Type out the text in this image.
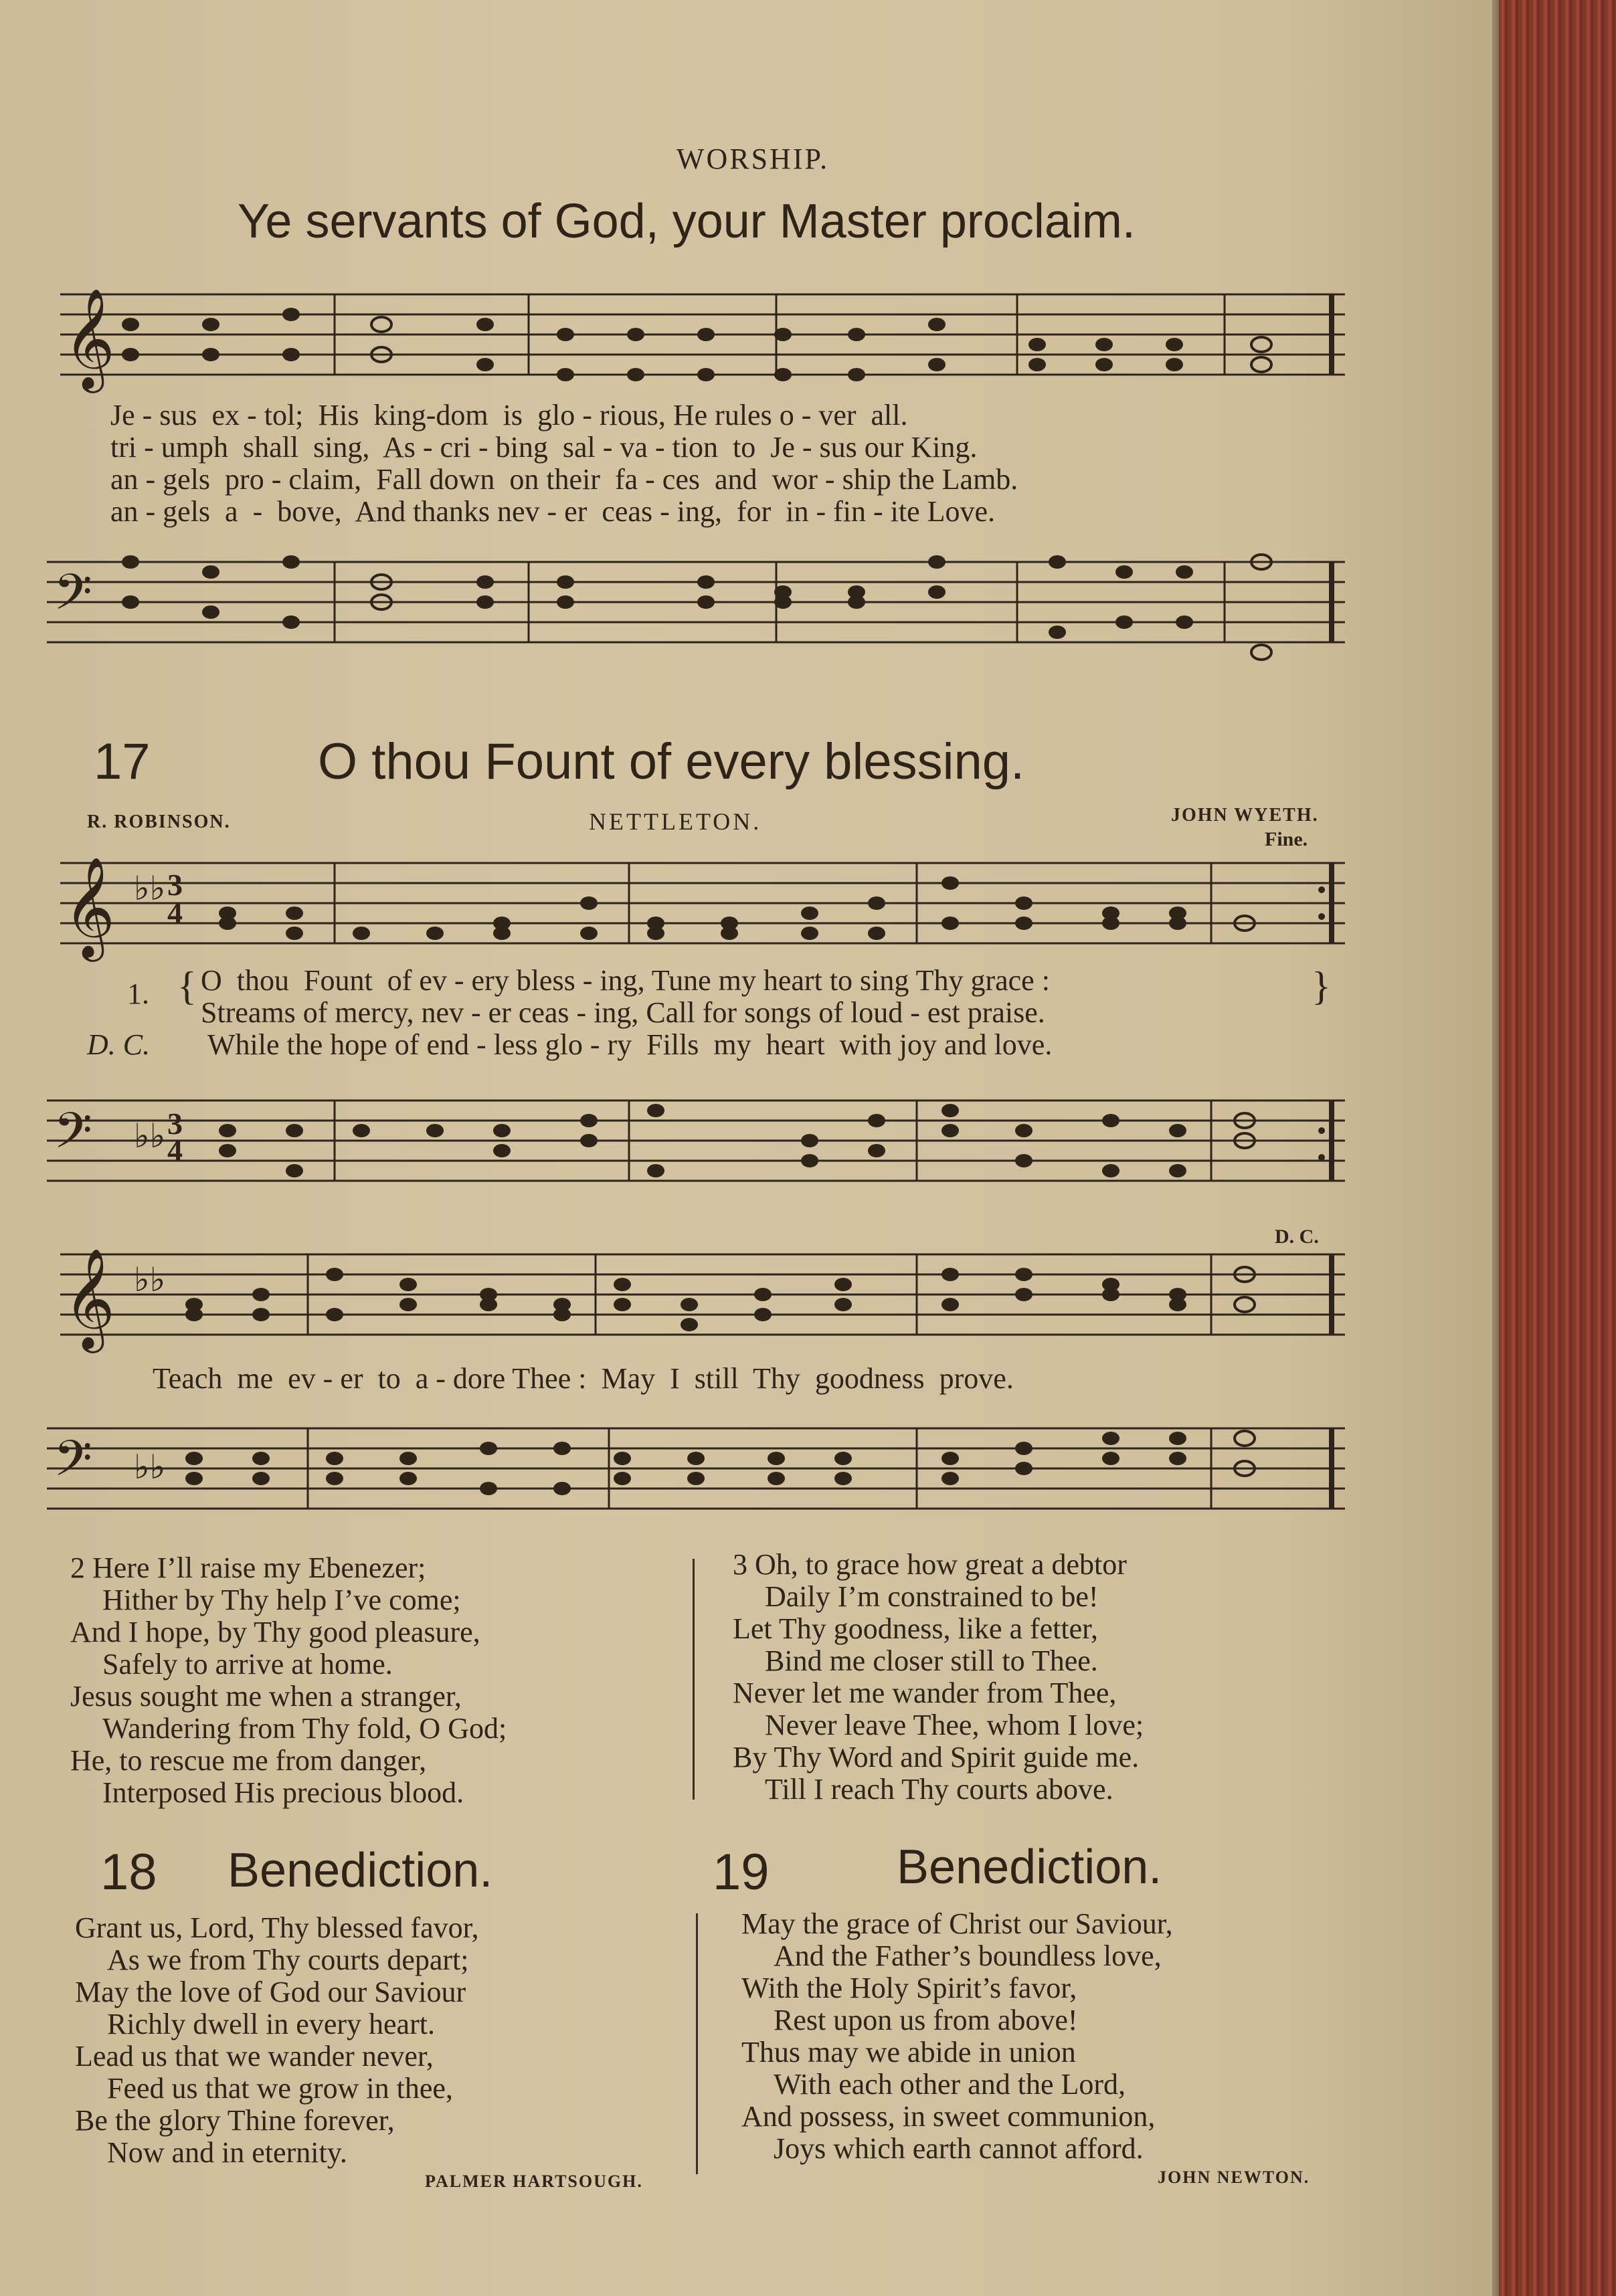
WORSHIP.
Ye servants of God, your Master proclaim.
𝄞
Je - sus  ex - tol;  His  king-dom  is  glo - rious, He rules o - ver  all.
tri - umph  shall  sing,  As - cri - bing  sal - va - tion  to  Je - sus our King.
an - gels  pro - claim,  Fall down  on their  fa - ces  and  wor - ship the Lamb.
an - gels  a  -  bove,  And thanks nev - er  ceas - ing,  for  in - fin - ite Love.
𝄢
17	O thou Fount of every blessing.
R. ROBINSON.	NETTLETON.	JOHN WYETH.
Fine.
𝄞 ♭♭ 3
4
1. { O  thou  Fount  of ev - ery bless - ing, Tune my heart to sing Thy grace :
Streams of mercy, nev - er ceas - ing, Call for songs of loud - est praise.
}
D. C. While the hope of end - less glo - ry  Fills  my  heart  with joy and love.
𝄢 ♭♭ 3
4
D. C.
𝄞 ♭♭
Teach  me  ev - er  to  a - dore Thee :  May  I  still  Thy  goodness  prove.
𝄢 ♭♭
2 Here I’ll raise my Ebenezer;
Hither by Thy help I’ve come;
And I hope, by Thy good pleasure,
Safely to arrive at home.
Jesus sought me when a stranger,
Wandering from Thy fold, O God;
He, to rescue me from danger,
Interposed His precious blood.
3 Oh, to grace how great a debtor
Daily I’m constrained to be!
Let Thy goodness, like a fetter,
Bind me closer still to Thee.
Never let me wander from Thee,
Never leave Thee, whom I love;
By Thy Word and Spirit guide me.
Till I reach Thy courts above.
18 Benediction.
Grant us, Lord, Thy blessed favor,
As we from Thy courts depart;
May the love of God our Saviour
Richly dwell in every heart.
Lead us that we wander never,
Feed us that we grow in thee,
Be the glory Thine forever,
Now and in eternity.
PALMER HARTSOUGH.
19	Benediction.
May the grace of Christ our Saviour,
And the Father’s boundless love,
With the Holy Spirit’s favor,
Rest upon us from above!
Thus may we abide in union
With each other and the Lord,
And possess, in sweet communion,
Joys which earth cannot afford.
JOHN NEWTON.
